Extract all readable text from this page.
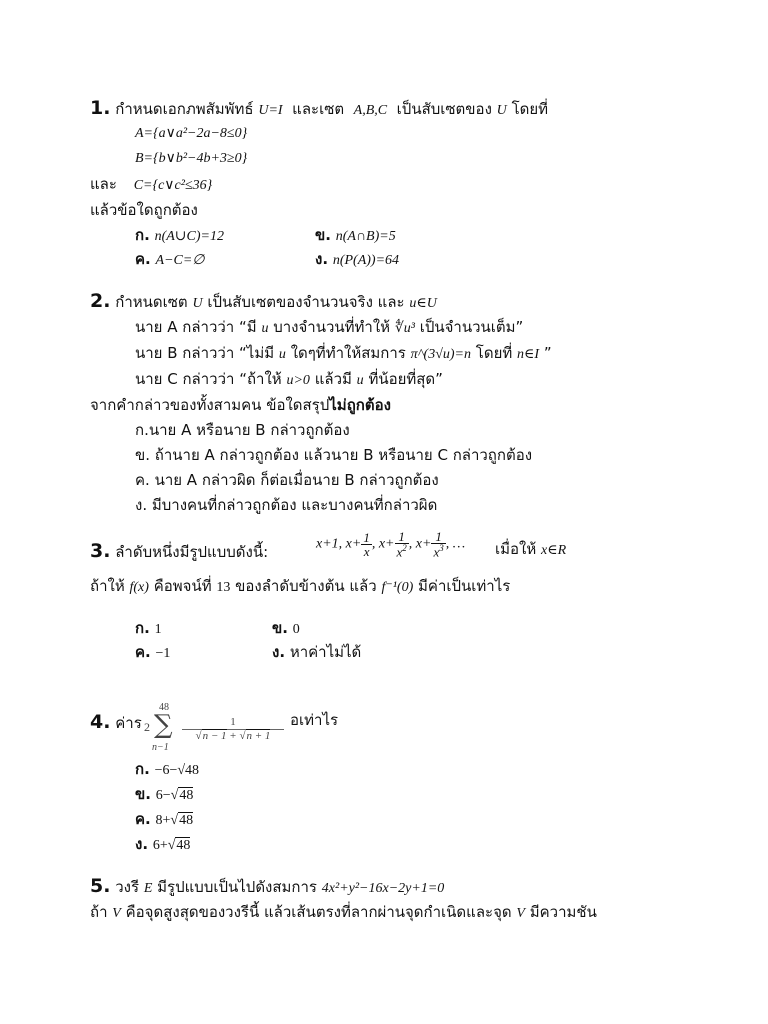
1. กำหนดเอกภพสัมพัทธ์ U=I และเซต A,B,C เป็นสับเซตของ U โดยที่
A={a∨a²−2a−8≤0}
B={b∨b²−4b+3≥0}
และ C={c∨c²≤36}
แล้วข้อใดถูกต้อง
ก. n(A∪C)=12	ข. n(A∩B)=5
ค. A−C=∅	ง. n(P(A))=64
2. กำหนดเซต U เป็นสับเซตของจำนวนจริง และ u∈U
นาย A กล่าวว่า “มี u บางจำนวนที่ทำให้ ∜u³ เป็นจำนวนเต็ม”
นาย B กล่าวว่า “ไม่มี u ใดๆที่ทำให้สมการ π^(3√u)=n โดยที่ n∈I ”
นาย C กล่าวว่า “ถ้าให้ u>0 แล้วมี u ที่น้อยที่สุด”
จากคำกล่าวของทั้งสามคน ข้อใดสรุปไม่ถูกต้อง
ก.นาย A หรือนาย B กล่าวถูกต้อง
ข. ถ้านาย A กล่าวถูกต้อง แล้วนาย B หรือนาย C กล่าวถูกต้อง
ค. นาย A กล่าวผิด ก็ต่อเมื่อนาย B กล่าวถูกต้อง
ง. มีบางคนที่กล่าวถูกต้อง และบางคนที่กล่าวผิด
3. ลำดับหนึ่งมีรูปแบบดังนี้:	x+1, $x+ \frac{1}{x}$ , $x+ \frac{1}{x^2}$ , $x+ \frac{1}{x^3}$ , … เมื่อให้ x∈R
ถ้าให้ f(x) คือพจน์ที่ 13 ของลำดับข้างต้น แล้ว f⁻¹(0) มีค่าเป็นเท่าไร
ก. 1	ข. 0
ค. −1	ง. หาค่าไม่ได้
4. ค่าร 2
48
∑
n−1
1
√n − 1 + √n + 1
อเท่าไร
ก. −6−√48
ข. 6−√48
ค. 8+√48
ง. 6+√48
5. วงรี E มีรูปแบบเป็นไปดังสมการ 4x²+y²−16x−2y+1=0
ถ้า V คือจุดสูงสุดของวงรีนี้ แล้วเส้นตรงที่ลากผ่านจุดกำเนิดและจุด V มีความชัน
